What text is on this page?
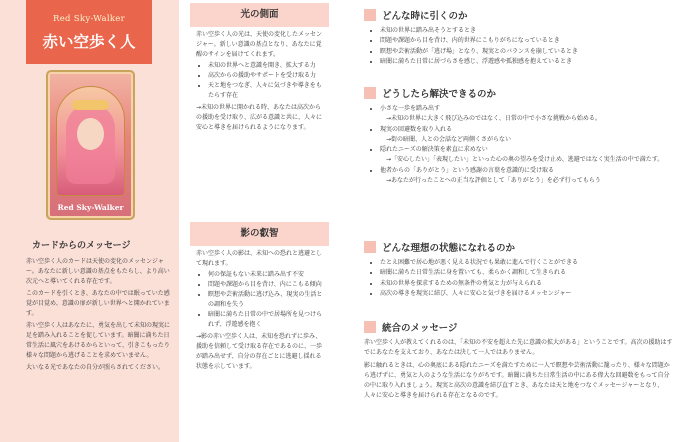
Red Sky-Walker
赤い空歩く人
Red Sky-Walker
カードからのメッセージ

赤い空歩く人のカードは天使の変化のメッセンジャー。あなたに新しい意識の基点をもたらし、より高い次元へと導いてくれる存在です。

このカードを引くとき、あなたの中では眠っていた感覚が目覚め、意識の扉が新しい世界へと開かれています。

赤い空歩く人はあなたに、勇気を出して未知の現実に足を踏み入れることを促しています。暗闇に満ちた日常生活に風穴をあけるからといって、引きこもったり様々な問題から逃げることを求めていません。

大いなる光であなたの自分が照らされてください。

光の側面

赤い空歩く人の光は、天使の変化したメッセンジャー。新しい意識の基点となり、あなたに覚醒のサインを届けてくれます。

• 未知の世界へと意識を開き、拡大する力
• 高次からの援助やサポートを受け取る力
• 天と地をつなぎ、人々に気づきや導きをもたらす存在

→未知の世界に開かれる時、あなたは高次からの援助を受け取り、広がる意識と共に、人々に安心と導きを届けられるようになります。

影の叡智

赤い空歩く人の影は、未知への恐れと逃避として現れます。

• 何の保証もない未来に踏み出す不安
• 問題や課題から目を背け、内にこもる傾向
• 瞑想や芸術活動に逃げ込み、現実の生活との調和を失う
• 暗闇に満ちた日常の中で居場所を見つけられず、浮遊感を抱く

→影の赤い空歩く人は、未知を恐れずに歩み、援助を信頼して受け取る存在であるのに、一歩が踏み出せず、自分の存在ごとに逃避し揺れる状態を示しています。

どんな時に引くのか
• 未知の世界に踏み出そうとするとき
• 問題や課題から目を背け、内的世界にこもりがちになっているとき
• 瞑想や芸術活動が「逃げ場」となり、現実とのバランスを崩しているとき
• 暗闇に満ちた日常に居づらさを感じ、浮遊感や孤独感を抱えているとき
どうしたら解決できるのか
• 小さな一歩を踏み出す
→未知の世界に大きく飛び込みのではなく、日常の中で小さな挑戦から始める。
• 現実の回避数を取り入れる
→街の暗闇、人との会話など両側くさがらない
• 隠れたニーズの解決策を素直に求めない
→「安心したい」「表現したい」といった心の奥の望みを受け止め、逃避ではなく実生活の中で満たす。
• 他者からの「ありがとう」という感謝の言葉を意識的に受け取る
→あなたが行ったことへの正当な評価として「ありがとう」を必ず行ってもらう
どんな理想の状態になれるのか
• たとえ困難で居心地が悪く見える状況でも果敢に進んで行くことができる
• 暗闇に満ちた日常生活に身を置いても、柔らかく調和して生きられる
• 未知の世界を探求するための無条件の勇気と力が与えられる
• 高次の導きを現実に結び、人々に安心と気づきを届けるメッセンジャー
統合のメッセージ
赤い空歩く人が教えてくれるのは、「未知の不安を超えた先に意識の拡大がある」ということです。高次の援助はすでにあなたを支えており、あなたは決して一人ではありません。
影に触れるときは、心の奥底にある隠れたニーズを満たすために一人で瞑想や芸術活動に籠ったり、様々な問題から逃げずに、勇気と人のような生活になりがちです。暗闇に満ちた日常生活の中にある偉大な回避数をもって自分の中に取り入れましょう。現実と高次の意識を結び直すとき、あなたは天と地をつなぐメッセージャーとなり、人々に安心と導きを届けられる存在となるのです。
